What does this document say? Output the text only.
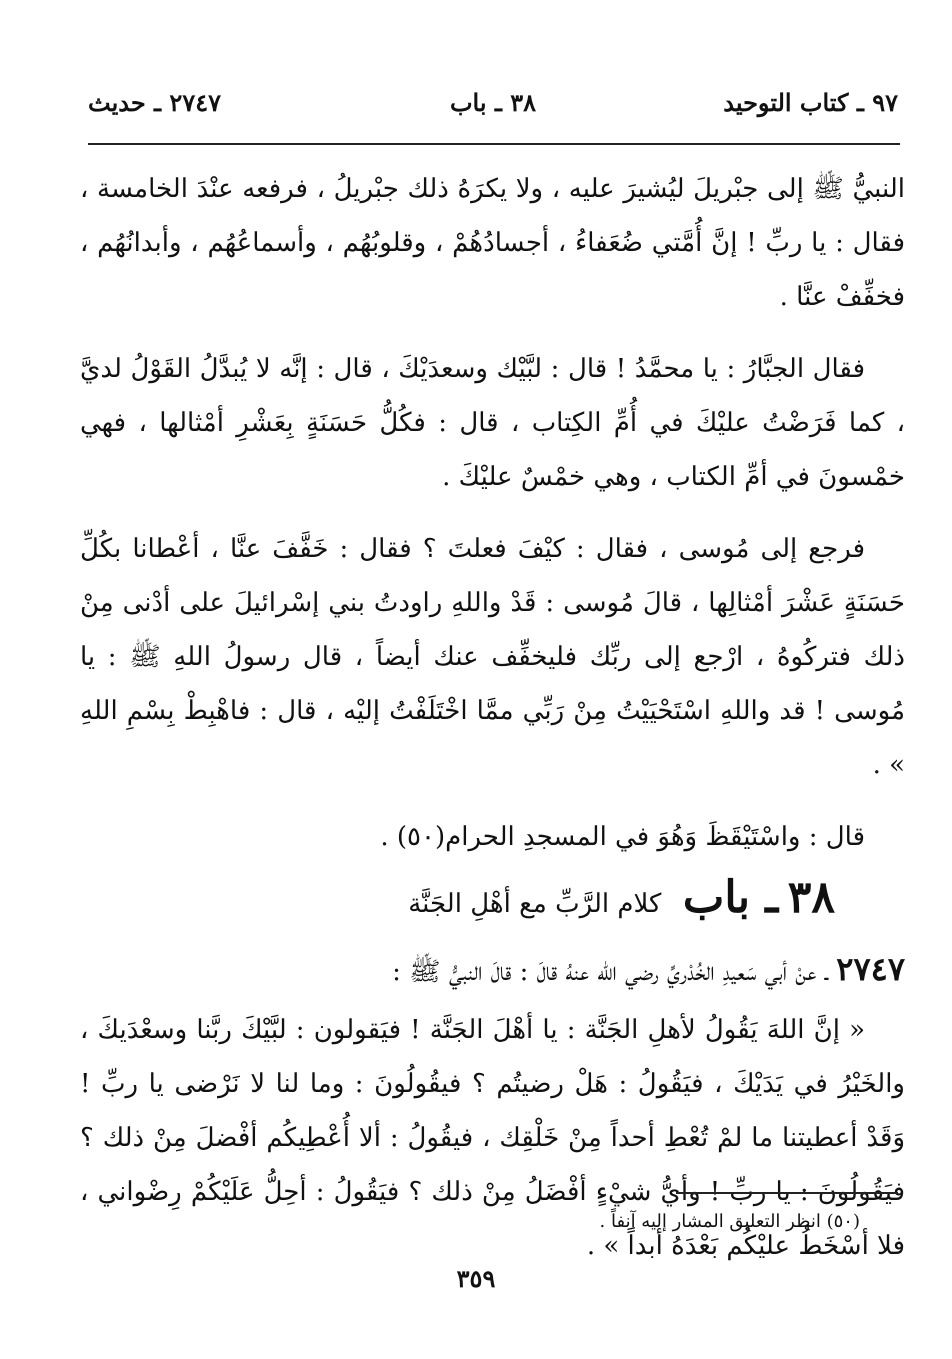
٩٧ ـ كتاب التوحيد
٣٨ ـ باب
٢٧٤٧ ـ حديث

النبيُّ ﷺ إلى جبْريلَ ليُشيرَ عليه ، ولا يكرَهُ ذلك جبْريلُ ، فرفعه عنْدَ الخامسة ، فقال : يا ربِّ ! إنَّ أُمَّتي ضُعَفاءُ ، أجسادُهُمْ ، وقلوبُهُم ، وأسماعُهُم ، وأبدانُهُم ، فخفِّفْ عنَّا .

فقال الجبَّارُ : يا محمَّدُ ! قال : لبَّيْك وسعدَيْكَ ، قال : إنَّه لا يُبدَّلُ القَوْلُ لديَّ ، كما فَرَضْتُ عليْكَ في أُمِّ الكِتاب ، قال : فكُلُّ حَسَنَةٍ بِعَشْرِ أمْثالها ، فهي خمْسونَ في أمِّ الكتاب ، وهي خمْسٌ عليْكَ .

فرجع إلى مُوسى ، فقال : كيْفَ فعلتَ ؟ فقال : خَفَّفَ عنَّا ، أعْطانا بكُلِّ حَسَنَةٍ عَشْرَ أمْثالِها ، قالَ مُوسى : قَدْ واللهِ راودتُ بني إسْرائيلَ على أدْنى مِنْ ذلك فتركُوهُ ، ارْجع إلى ربِّك فليخفِّف عنك أيضاً ، قال رسولُ اللهِ ﷺ : يا مُوسى ! قد واللهِ اسْتَحْيَيْتُ مِنْ رَبِّي ممَّا اخْتَلَفْتُ إليْه ، قال : فاهْبِطْ بِسْمِ اللهِ » .

قال : واسْتَيْقَظَ وَهُوَ في المسجدِ الحرام(٥٠) .

٣٨ ـ باب كلام الرَّبِّ مع أهْلِ الجَنَّة

٢٧٤٧ ـ عنْ أبي سَعيدِ الخُدْريِّ رضي الله عنهُ قالَ : قالَ النبيُّ ﷺ :

« إنَّ اللهَ يَقُولُ لأهلِ الجَنَّة : يا أهْلَ الجَنَّة ! فيَقولون : لبَّيْكَ ربَّنا وسعْدَيكَ ، والخَيْرُ في يَدَيْكَ ، فيَقُولُ : هَلْ رضيتُم ؟ فيقُولُونَ : وما لنا لا نَرْضى يا ربِّ ! وَقَدْ أعطيتنا ما لمْ تُعْطِ أحداً مِنْ خَلْقِك ، فيقُولُ : ألا أُعْطِيكُم أفْضلَ مِنْ ذلك ؟ فيَقُولُونَ : يا ربِّ ! وأيُّ شيْءٍ أفْضَلُ مِنْ ذلك ؟ فيَقُولُ : أحِلُّ عَلَيْكُمْ رِضْواني ، فلا أسْخَطُ عليْكُم بَعْدَهُ أبداً » .

(٥٠) انظر التعليق المشار إليه آنفاً .
٣٥٩
